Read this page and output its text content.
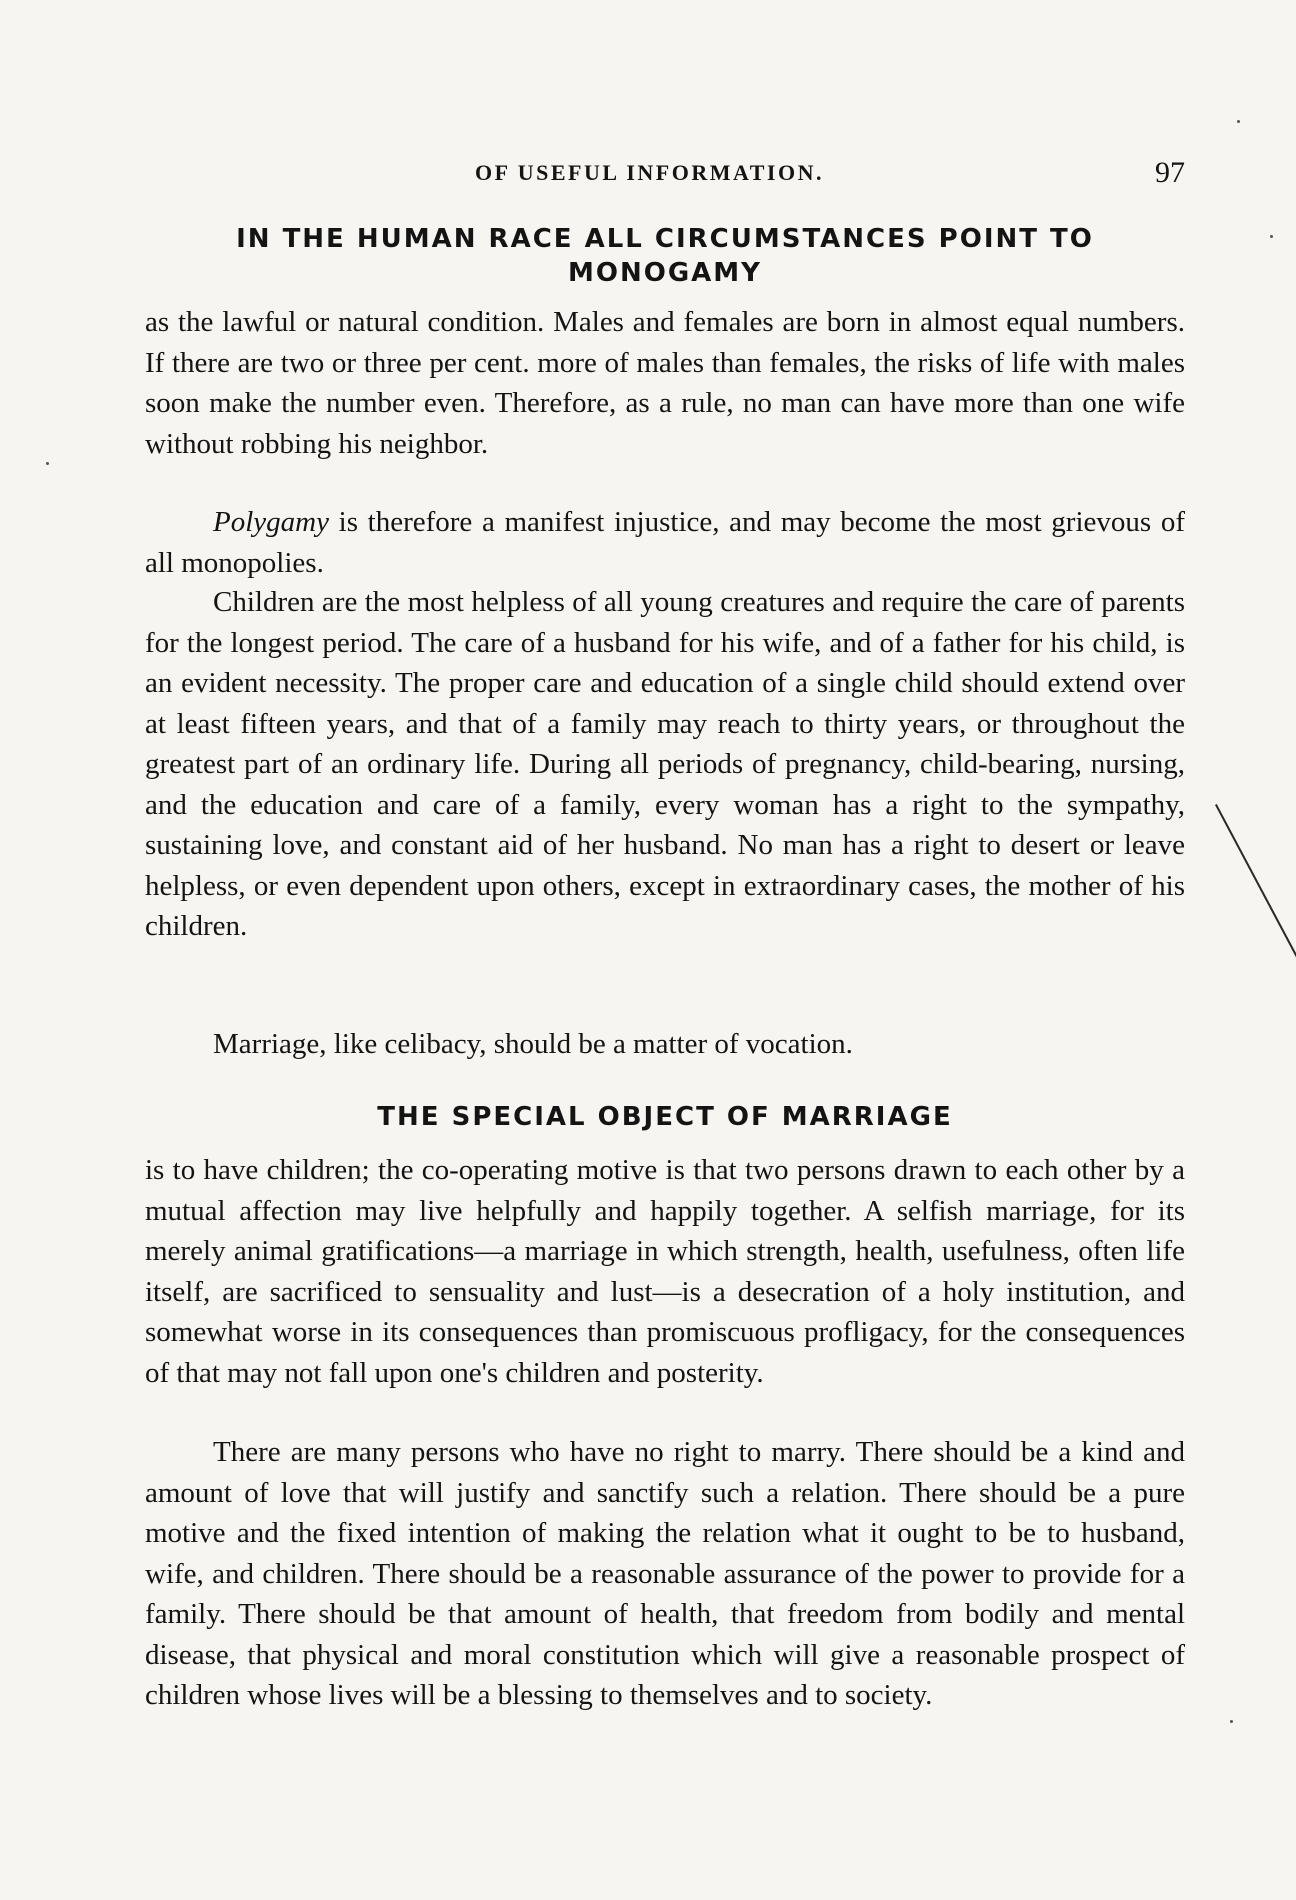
OF USEFUL INFORMATION.	97
IN THE HUMAN RACE ALL CIRCUMSTANCES POINT TO MONOGAMY

as the lawful or natural condition. Males and females are born in almost equal numbers. If there are two or three per cent. more of males than females, the risks of life with males soon make the number even. Therefore, as a rule, no man can have more than one wife without robbing his neighbor.

Polygamy is therefore a manifest injustice, and may become the most grievous of all monopolies.

Children are the most helpless of all young creatures and require the care of parents for the longest period. The care of a husband for his wife, and of a father for his child, is an evident necessity. The proper care and education of a single child should extend over at least fifteen years, and that of a family may reach to thirty years, or throughout the greatest part of an ordinary life. During all periods of pregnancy, child-bearing, nursing, and the education and care of a family, every woman has a right to the sympathy, sustaining love, and constant aid of her husband. No man has a right to desert or leave helpless, or even dependent upon others, except in extraordinary cases, the mother of his children.

Marriage, like celibacy, should be a matter of vocation.

THE SPECIAL OBJECT OF MARRIAGE

is to have children; the co-operating motive is that two persons drawn to each other by a mutual affection may live helpfully and happily together. A selfish marriage, for its merely animal gratifications—a marriage in which strength, health, usefulness, often life itself, are sacrificed to sensuality and lust—is a desecration of a holy institution, and somewhat worse in its consequences than promiscuous profligacy, for the consequences of that may not fall upon one's children and posterity.

There are many persons who have no right to marry. There should be a kind and amount of love that will justify and sanctify such a relation. There should be a pure motive and the fixed intention of making the relation what it ought to be to husband, wife, and children. There should be a reasonable assurance of the power to provide for a family. There should be that amount of health, that freedom from bodily and mental disease, that physical and moral constitution which will give a reasonable prospect of children whose lives will be a blessing to themselves and to society.
